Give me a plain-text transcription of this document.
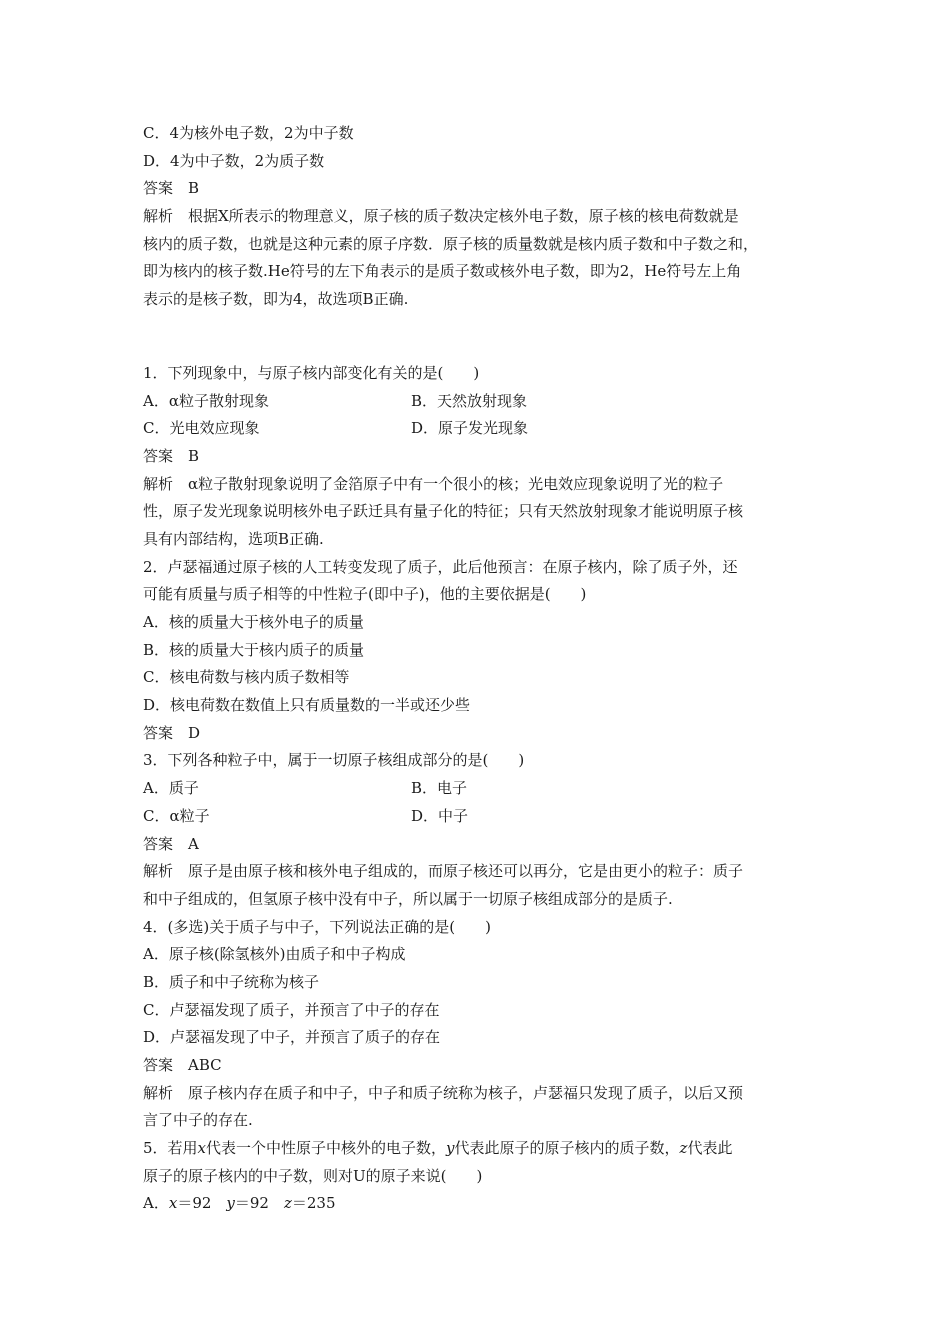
C．4为核外电子数，2为中子数
D．4为中子数，2为质子数
答案　B
解析　根据X所表示的物理意义，原子核的质子数决定核外电子数，原子核的核电荷数就是
核内的质子数，也就是这种元素的原子序数．原子核的质量数就是核内质子数和中子数之和，
即为核内的核子数.He符号的左下角表示的是质子数或核外电子数，即为2，He符号左上角
表示的是核子数，即为4，故选项B正确.
1．下列现象中，与原子核内部变化有关的是(　　)
A．α粒子散射现象	B．天然放射现象
C．光电效应现象	D．原子发光现象
答案　B
解析　α粒子散射现象说明了金箔原子中有一个很小的核；光电效应现象说明了光的粒子
性，原子发光现象说明核外电子跃迁具有量子化的特征；只有天然放射现象才能说明原子核
具有内部结构，选项B正确.
2．卢瑟福通过原子核的人工转变发现了质子，此后他预言：在原子核内，除了质子外，还
可能有质量与质子相等的中性粒子(即中子)，他的主要依据是(　　)
A．核的质量大于核外电子的质量
B．核的质量大于核内质子的质量
C．核电荷数与核内质子数相等
D．核电荷数在数值上只有质量数的一半或还少些
答案　D
3．下列各种粒子中，属于一切原子核组成部分的是(　　)
A．质子	B．电子
C．α粒子	D．中子
答案　A
解析　原子是由原子核和核外电子组成的，而原子核还可以再分，它是由更小的粒子：质子
和中子组成的，但氢原子核中没有中子，所以属于一切原子核组成部分的是质子.
4．(多选)关于质子与中子，下列说法正确的是(　　)
A．原子核(除氢核外)由质子和中子构成
B．质子和中子统称为核子
C．卢瑟福发现了质子，并预言了中子的存在
D．卢瑟福发现了中子，并预言了质子的存在
答案　ABC
解析　原子核内存在质子和中子，中子和质子统称为核子，卢瑟福只发现了质子，以后又预
言了中子的存在.
5．若用x代表一个中性原子中核外的电子数，y代表此原子的原子核内的质子数，z代表此
原子的原子核内的中子数，则对U的原子来说(　　)
A．x＝92　y＝92　z＝235
